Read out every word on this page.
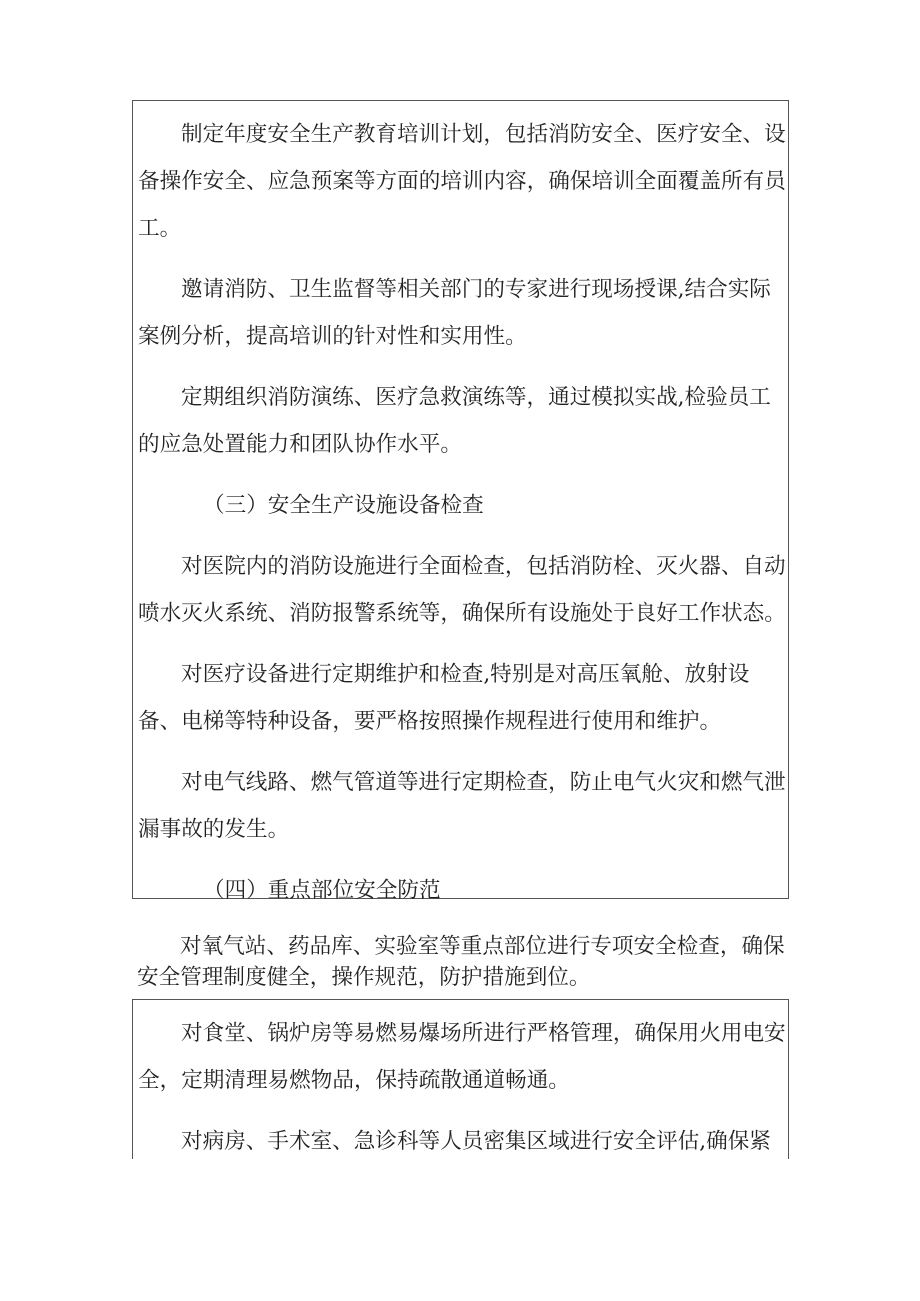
制定年度安全生产教育培训计划，包括消防安全、医疗安全、设备操作安全、应急预案等方面的培训内容，确保培训全面覆盖所有员工。

邀请消防、卫生监督等相关部门的专家进行现场授课,结合实际案例分析，提高培训的针对性和实用性。

定期组织消防演练、医疗急救演练等，通过模拟实战,检验员工的应急处置能力和团队协作水平。

（三）安全生产设施设备检查

对医院内的消防设施进行全面检查，包括消防栓、灭火器、自动喷水灭火系统、消防报警系统等，确保所有设施处于良好工作状态。

对医疗设备进行定期维护和检查,特别是对高压氧舱、放射设备、电梯等特种设备，要严格按照操作规程进行使用和维护。

对电气线路、燃气管道等进行定期检查，防止电气火灾和燃气泄漏事故的发生。

（四）重点部位安全防范

对氧气站、药品库、实验室等重点部位进行专项安全检查，确保安全管理制度健全，操作规范，防护措施到位。

对食堂、锅炉房等易燃易爆场所进行严格管理，确保用火用电安全，定期清理易燃物品，保持疏散通道畅通。

对病房、手术室、急诊科等人员密集区域进行安全评估,确保紧
